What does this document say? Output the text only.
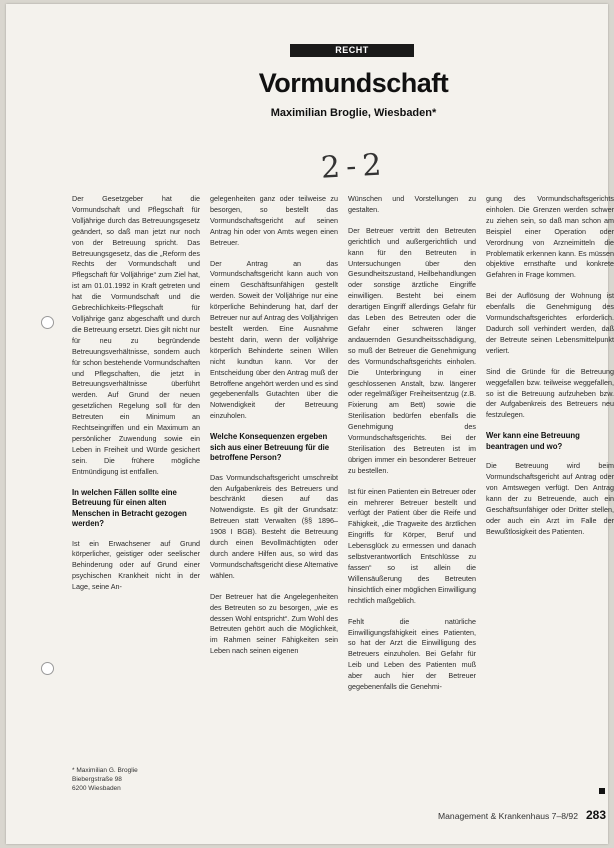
RECHT
Vormundschaft
Maximilian Broglie, Wiesbaden*
2-2

Der Gesetzgeber hat die Vormundschaft und Pflegschaft für Volljährige durch das Betreuungsgesetz geändert, so daß man jetzt nur noch von der Betreuung spricht. Das Betreuungsgesetz, das die „Reform des Rechts der Vormundschaft und Pflegschaft für Volljährige“ zum Ziel hat, ist am 01.01.1992 in Kraft getreten und hat die Vormundschaft und die Gebrechlichkeits-Pflegschaft für Volljährige ganz abgeschafft und durch die Betreuung ersetzt. Dies gilt nicht nur für neu zu begründende Betreuungsverhältnisse, sondern auch für schon bestehende Vormundschaften und Pflegschaften, die jetzt in Betreuungsverhältnisse überführt werden. Auf Grund der neuen gesetzlichen Regelung soll für den Betreuten ein Minimum an Rechtseingriffen und ein Maximum an persönlicher Zuwendung sowie ein Leben in Freiheit und Würde gesichert sein. Die frühere mögliche Entmündigung ist entfallen.

In welchen Fällen sollte eine Betreuung für einen alten Menschen in Betracht gezogen werden?

Ist ein Erwachsener auf Grund körperlicher, geistiger oder seelischer Behinderung oder auf Grund einer psychischen Krankheit nicht in der Lage, seine An-

gelegenheiten ganz oder teilweise zu besorgen, so bestellt das Vormundschaftsgericht auf seinen Antrag hin oder von Amts wegen einen Betreuer.

Der Antrag an das Vormundschaftsgericht kann auch von einem Geschäftsunfähigen gestellt werden. Soweit der Volljährige nur eine körperliche Behinderung hat, darf der Betreuer nur auf Antrag des Volljährigen bestellt werden. Eine Ausnahme besteht darin, wenn der volljährige körperlich Behinderte seinen Willen nicht kundtun kann. Vor der Entscheidung über den Antrag muß der Betroffene angehört werden und es sind gegebenenfalls Gutachten über die Notwendigkeit der Betreuung einzuholen.

Welche Konsequenzen ergeben sich aus einer Betreuung für die betroffene Person?

Das Vormundschaftsgericht umschreibt den Aufgabenkreis des Betreuers und beschränkt diesen auf das Notwendigste. Es gilt der Grundsatz: Betreuen statt Verwalten (§§ 1896–1908 I BGB). Besteht die Betreuung durch einen Bevollmächtigten oder durch andere Hilfen aus, so wird das Vormundschaftsgericht diese Alternative wählen.

Der Betreuer hat die Angelegenheiten des Betreuten so zu besorgen, „wie es dessen Wohl entspricht“. Zum Wohl des Betreuten gehört auch die Möglichkeit, im Rahmen seiner Fähigkeiten sein Leben nach seinen eigenen

Wünschen und Vorstellungen zu gestalten.

Der Betreuer vertritt den Betreuten gerichtlich und außergerichtlich und kann für den Betreuten in Untersuchungen über den Gesundheitszustand, Heilbehandlungen oder sonstige ärztliche Eingriffe einwilligen. Besteht bei einem derartigen Eingriff allerdings Gefahr für das Leben des Betreuten oder die Gefahr einer schweren länger andauernden Gesundheitsschädigung, so muß der Betreuer die Genehmigung des Vormundschaftsgerichts einholen. Die Unterbringung in einer geschlossenen Anstalt, bzw. längerer oder regelmäßiger Freiheitsentzug (z.B. Fixierung am Bett) sowie die Sterilisation bedürfen ebenfalls die Genehmigung des Vormundschaftsgerichts. Bei der Sterilisation des Betreuten ist im übrigen immer ein besonderer Betreuer zu bestellen.

Ist für einen Patienten ein Betreuer oder ein mehrerer Betreuer bestellt und verfügt der Patient über die Reife und Fähigkeit, „die Tragweite des ärztlichen Eingriffs für Körper, Beruf und Lebensglück zu ermessen und danach selbstverantwortlich Entschlüsse zu fassen“ so ist allein die Willensäußerung des Betreuten hinsichtlich einer möglichen Einwilligung rechtlich maßgeblich.

Fehlt die natürliche Einwilligungsfähigkeit eines Patienten, so hat der Arzt die Einwilligung des Betreuers einzuholen. Bei Gefahr für Leib und Leben des Patienten muß aber auch hier der Betreuer gegebenenfalls die Genehmi-

gung des Vormundschaftsgerichts einholen. Die Grenzen werden schwer zu ziehen sein, so daß man schon am Beispiel einer Operation oder Verordnung von Arzneimitteln die Problematik erkennen kann. Es müssen objektive ernsthafte und konkrete Gefahren in Frage kommen.

Bei der Auflösung der Wohnung ist ebenfalls die Genehmigung des Vormundschaftsgerichtes erforderlich. Dadurch soll verhindert werden, daß der Betreute seinen Lebensmittelpunkt verliert.

Sind die Gründe für die Betreuung weggefallen bzw. teilweise weggefallen, so ist die Betreuung aufzuheben bzw. der Aufgabenkreis des Betreuers neu festzulegen.

Wer kann eine Betreuung beantragen und wo?

Die Betreuung wird beim Vormundschaftsgericht auf Antrag oder von Amtswegen verfügt. Den Antrag kann der zu Betreuende, auch ein Geschäftsunfähiger oder Dritter stellen, oder auch ein Arzt im Falle der Bewußtlosigkeit des Patienten.

* Maximilian G. Broglie
Biebergstraße 98
6200 Wiesbaden
Management & Krankenhaus 7–8/92 283
